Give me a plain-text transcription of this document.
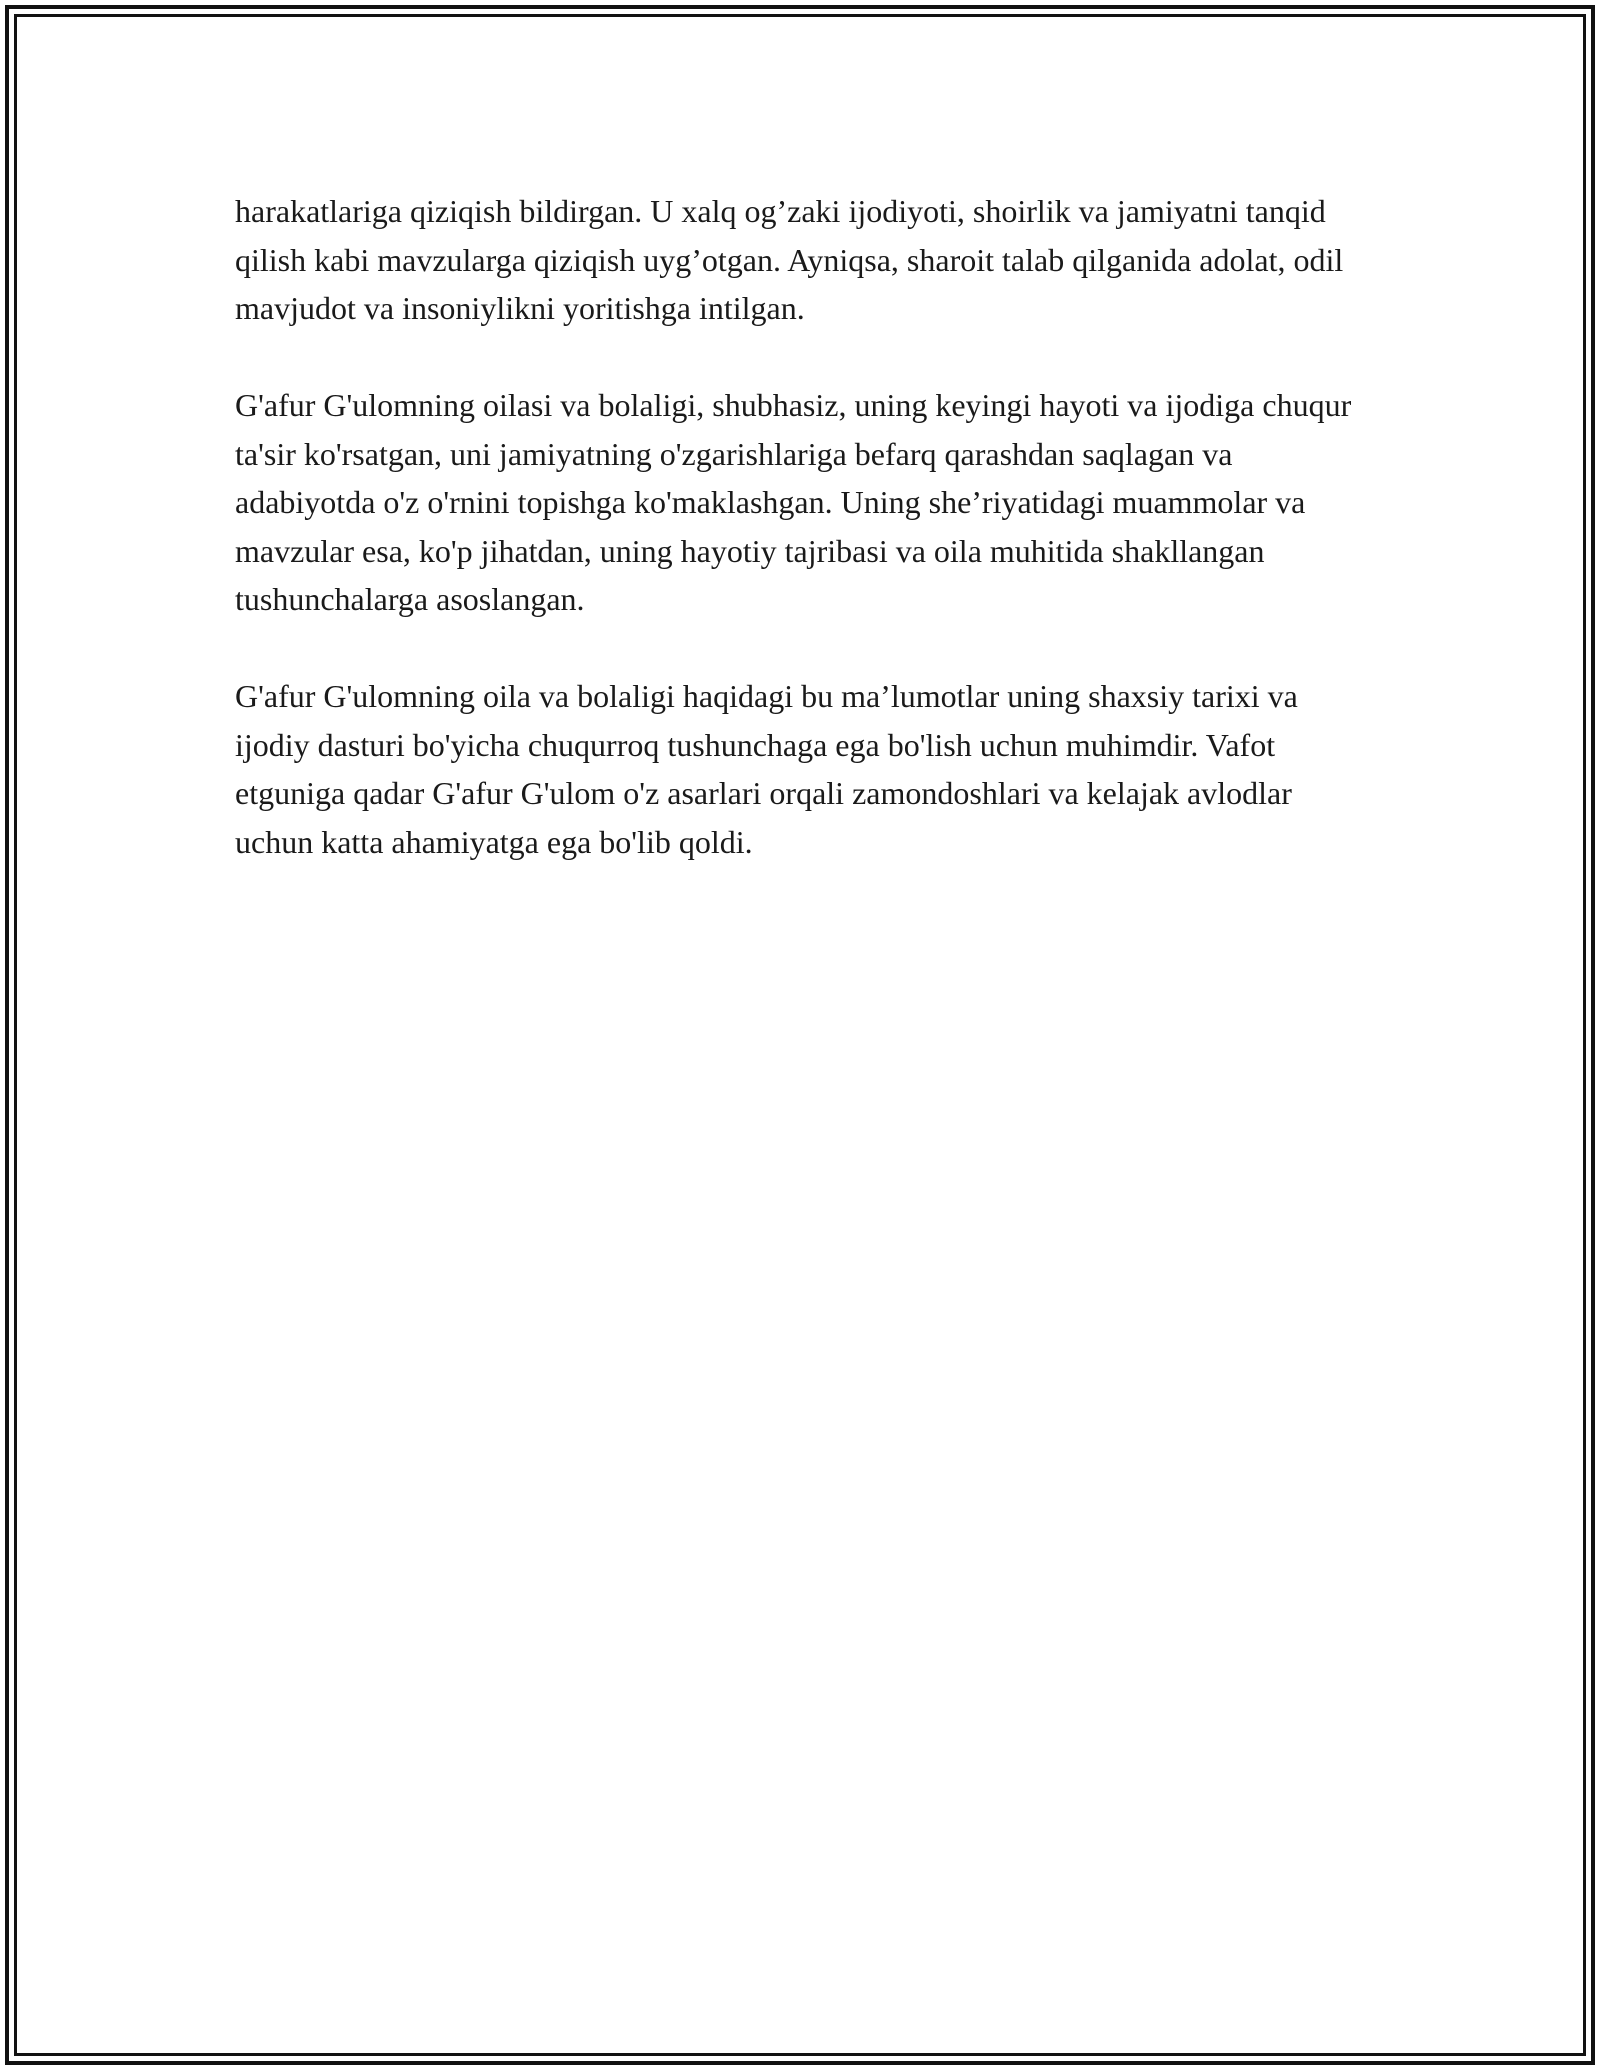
harakatlariga qiziqish bildirgan. U xalq og’zaki ijodiyoti, shoirlik va jamiyatni tanqid qilish kabi mavzularga qiziqish uyg’otgan. Ayniqsa, sharoit talab qilganida adolat, odil mavjudot va insoniylikni yoritishga intilgan.

G'afur G'ulomning oilasi va bolaligi, shubhasiz, uning keyingi hayoti va ijodiga chuqur ta'sir ko'rsatgan, uni jamiyatning o'zgarishlariga befarq qarashdan saqlagan va adabiyotda o'z o'rnini topishga ko'maklashgan. Uning she’riyatidagi muammolar va mavzular esa, ko'p jihatdan, uning hayotiy tajribasi va oila muhitida shakllangan tushunchalarga asoslangan.

G'afur G'ulomning oila va bolaligi haqidagi bu ma’lumotlar uning shaxsiy tarixi va ijodiy dasturi bo'yicha chuqurroq tushunchaga ega bo'lish uchun muhimdir. Vafot etguniga qadar G'afur G'ulom o'z asarlari orqali zamondoshlari va kelajak avlodlar uchun katta ahamiyatga ega bo'lib qoldi.
